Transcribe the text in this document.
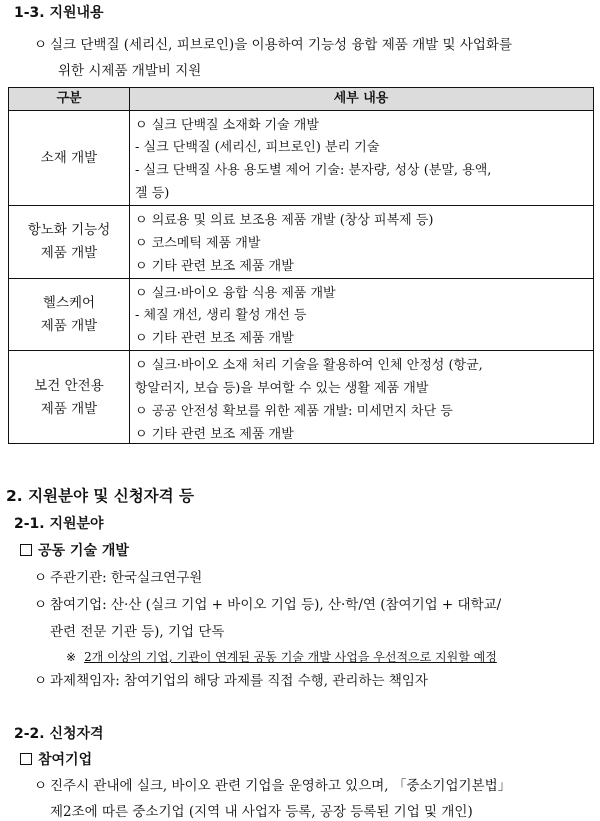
1-3. 지원내용
ㅇ 실크 단백질 (세리신, 피브로인)을 이용하여 기능성 융합 제품 개발 및 사업화를
위한 시제품 개발비 지원
구분	세부 내용
소재 개발
ㅇ 실크 단백질 소재화 기술 개발
- 실크 단백질 (세리신, 피브로인) 분리 기술
- 실크 단백질 사용 용도별 제어 기술: 분자량, 성상 (분말, 용액,
겔 등)
항노화 기능성
제품 개발
ㅇ 의료용 및 의료 보조용 제품 개발 (창상 피복제 등)
ㅇ 코스메틱 제품 개발
ㅇ 기타 관련 보조 제품 개발
헬스케어
제품 개발
ㅇ 실크·바이오 융합 식용 제품 개발
- 체질 개선, 생리 활성 개선 등
ㅇ 기타 관련 보조 제품 개발
보건 안전용
제품 개발
ㅇ 실크·바이오 소재 처리 기술을 활용하여 인체 안정성 (항균,
항알러지, 보습 등)을 부여할 수 있는 생활 제품 개발
ㅇ 공공 안전성 확보를 위한 제품 개발: 미세먼지 차단 등
ㅇ 기타 관련 보조 제품 개발
2. 지원분야 및 신청자격 등
2-1. 지원분야
공동 기술 개발
ㅇ 주관기관: 한국실크연구원
ㅇ 참여기업: 산·산 (실크 기업 + 바이오 기업 등), 산·학/연 (참여기업 + 대학교/
관련 전문 기관 등), 기업 단독
※ 2개 이상의 기업, 기관이 연계된 공동 기술 개발 사업을 우선적으로 지원할 예정
ㅇ 과제책임자: 참여기업의 해당 과제를 직접 수행, 관리하는 책임자
2-2. 신청자격
참여기업
ㅇ 진주시 관내에 실크, 바이오 관련 기업을 운영하고 있으며, 「중소기업기본법」
제2조에 따른 중소기업 (지역 내 사업자 등록, 공장 등록된 기업 및 개인)
